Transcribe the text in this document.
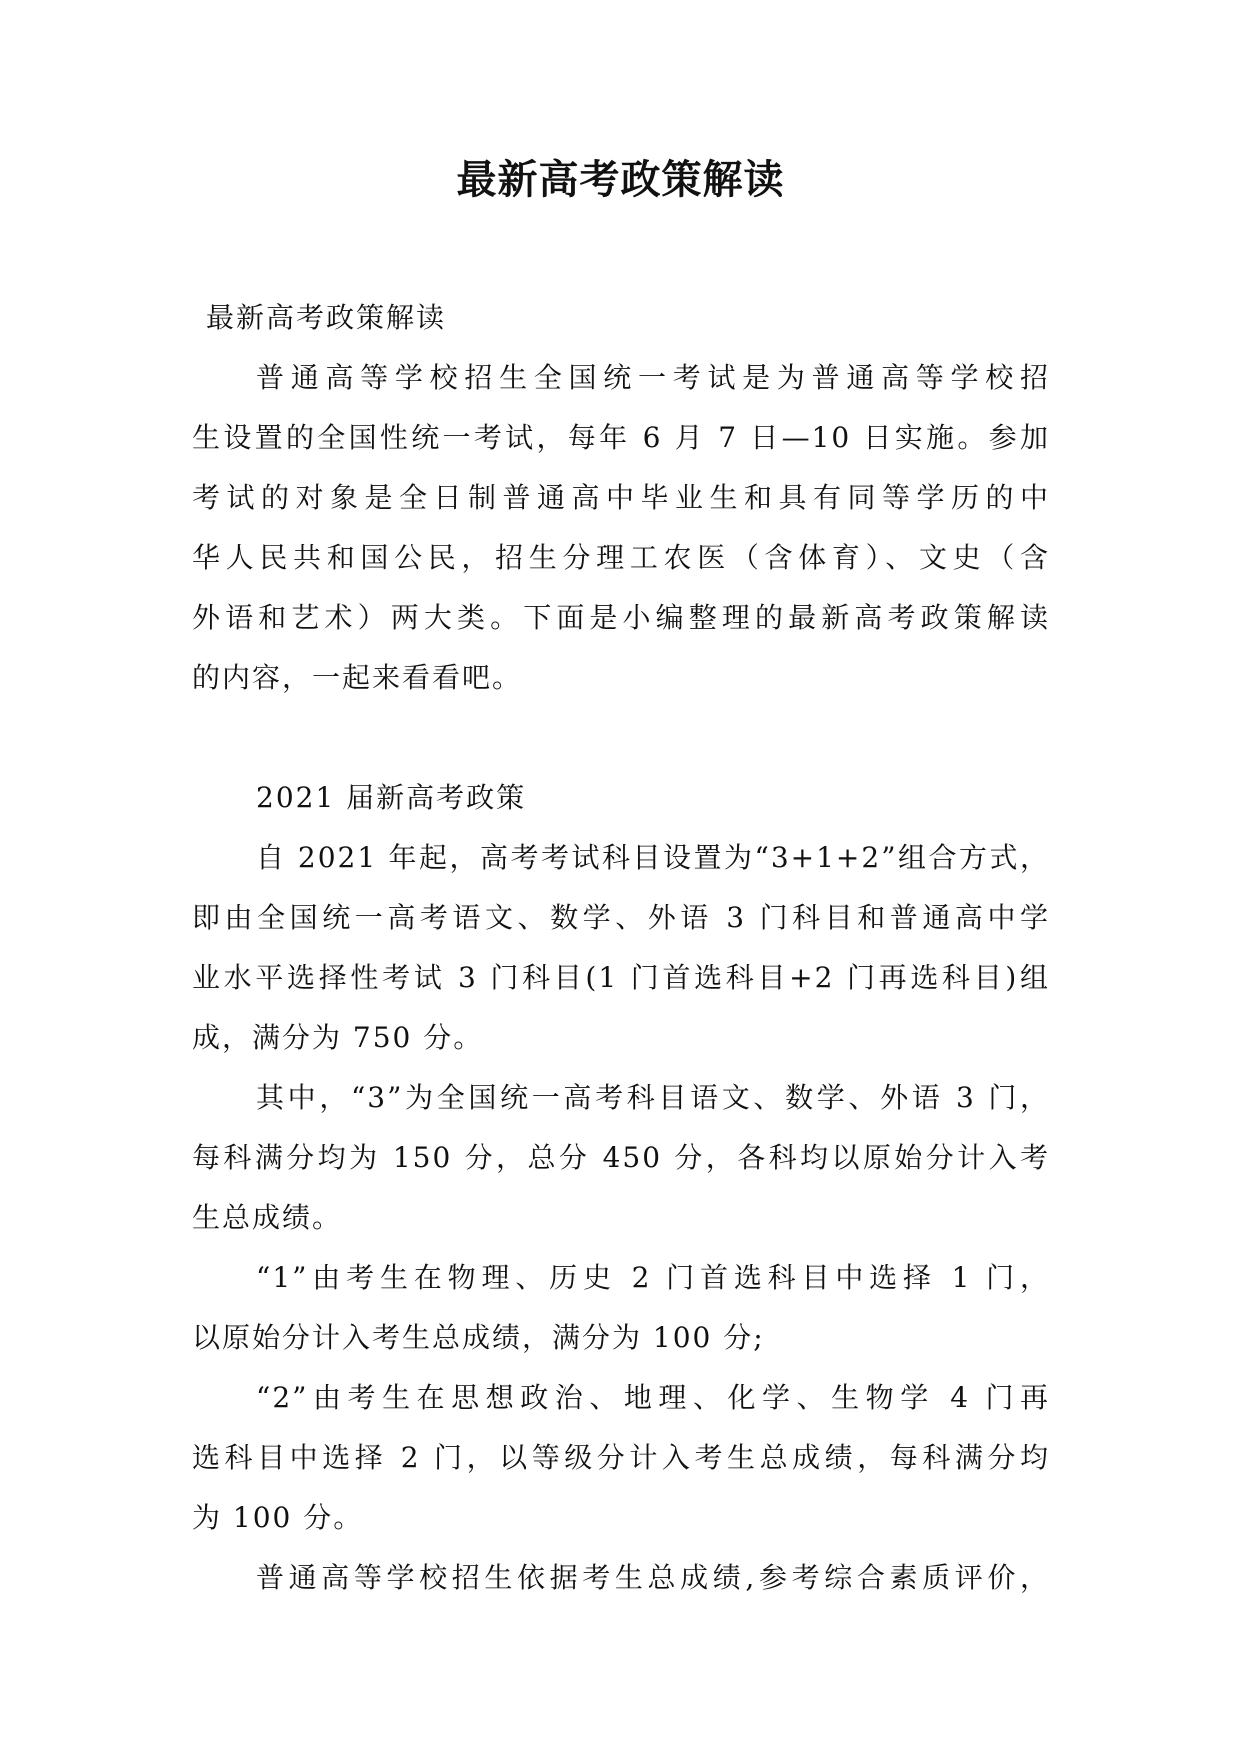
最新高考政策解读
最新高考政策解读
普通高等学校招生全国统一考试是为普通高等学校招
生设置的全国性统一考试，每年 6 月 7 日—10 日实施。参加
考试的对象是全日制普通高中毕业生和具有同等学历的中
华人民共和国公民，招生分理工农医（含体育）、文史（含
外语和艺术）两大类。下面是小编整理的最新高考政策解读
的内容，一起来看看吧。
2021 届新高考政策
自 2021 年起，高考考试科目设置为“3+1+2”组合方式，
即由全国统一高考语文、数学、外语 3 门科目和普通高中学
业水平选择性考试 3 门科目(1 门首选科目+2 门再选科目)组
成，满分为 750 分。
其中，“3”为全国统一高考科目语文、数学、外语 3 门，
每科满分均为 150 分，总分 450 分，各科均以原始分计入考
生总成绩。
“1”由考生在物理、历史 2 门首选科目中选择 1 门，
以原始分计入考生总成绩，满分为 100 分;
“2”由考生在思想政治、地理、化学、生物学 4 门再
选科目中选择 2 门，以等级分计入考生总成绩，每科满分均
为 100 分。
普通高等学校招生依据考生总成绩,参考综合素质评价，
